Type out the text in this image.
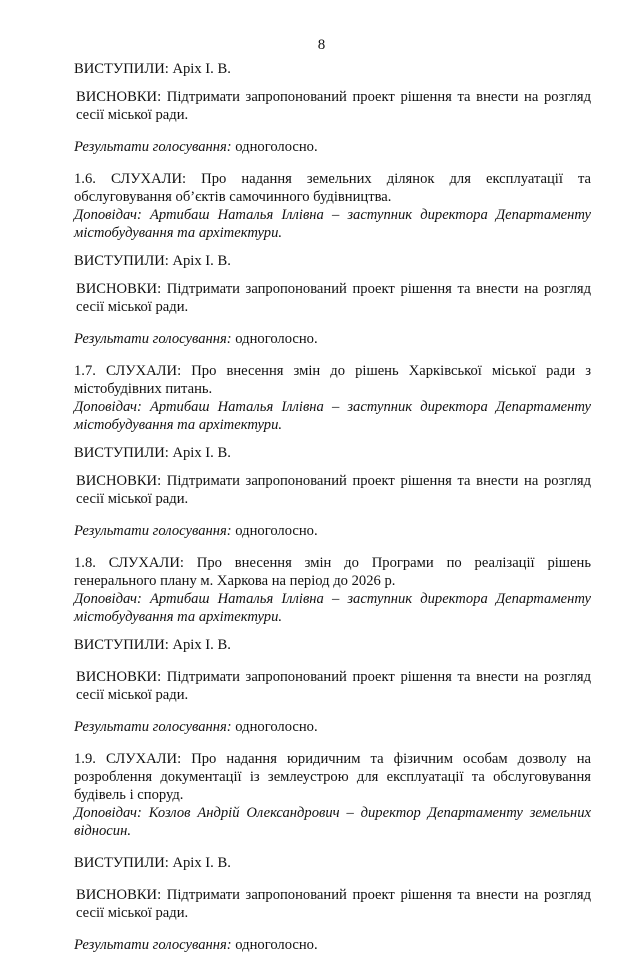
8

ВИСТУПИЛИ: Аріх І. В.

ВИСНОВКИ: Підтримати запропонований проект рішення та внести на розгляд сесії міської ради.

Результати голосування: одноголосно.

1.6. СЛУХАЛИ: Про надання земельних ділянок для експлуатації та обслуговування об’єктів самочинного будівництва.

Доповідач: Артибаш Наталья Іллівна – заступник директора Департаменту містобудування та архітектури.

ВИСТУПИЛИ: Аріх І. В.

ВИСНОВКИ: Підтримати запропонований проект рішення та внести на розгляд сесії міської ради.

Результати голосування: одноголосно.

1.7. СЛУХАЛИ: Про внесення змін до рішень Харківської міської ради з містобудівних питань.

Доповідач: Артибаш Наталья Іллівна – заступник директора Департаменту містобудування та архітектури.

ВИСТУПИЛИ: Аріх І. В.

ВИСНОВКИ: Підтримати запропонований проект рішення та внести на розгляд сесії міської ради.

Результати голосування: одноголосно.

1.8. СЛУХАЛИ: Про внесення змін до Програми по реалізації рішень генерального плану м. Харкова на період до 2026 р.

Доповідач: Артибаш Наталья Іллівна – заступник директора Департаменту містобудування та архітектури.

ВИСТУПИЛИ: Аріх І. В.

ВИСНОВКИ: Підтримати запропонований проект рішення та внести на розгляд сесії міської ради.

Результати голосування: одноголосно.

1.9. СЛУХАЛИ: Про надання юридичним та фізичним особам дозволу на розроблення документації із землеустрою для експлуатації та обслуговування будівель і споруд.

Доповідач: Козлов Андрій Олександрович – директор Департаменту земельних відносин.

ВИСТУПИЛИ: Аріх І. В.

ВИСНОВКИ: Підтримати запропонований проект рішення та внести на розгляд сесії міської ради.

Результати голосування: одноголосно.
